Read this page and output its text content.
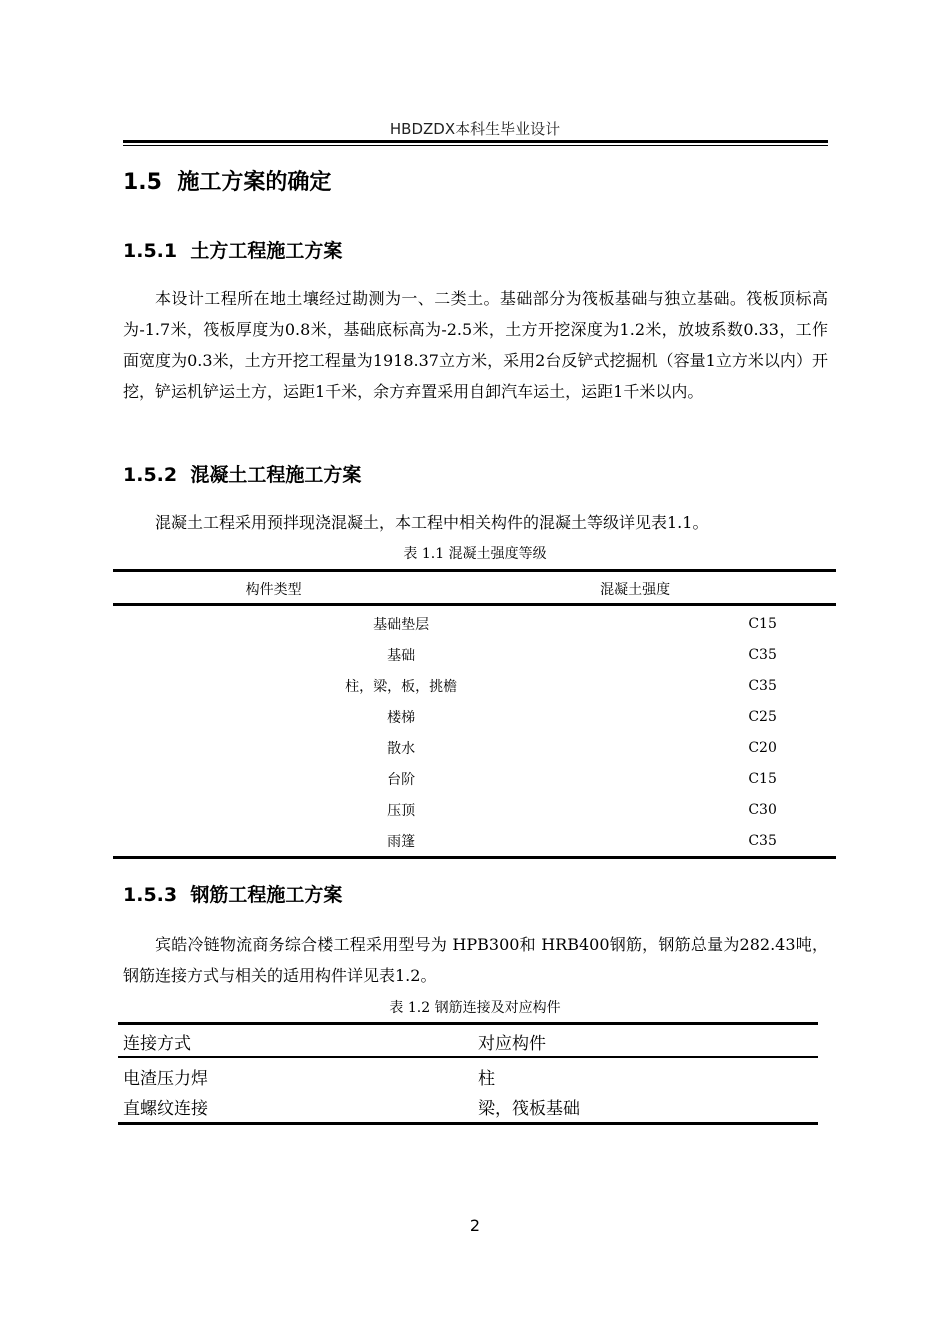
HBDZDX本科生毕业设计
1.5 施工方案的确定
1.5.1 土方工程施工方案
本设计工程所在地土壤经过勘测为一、二类土。基础部分为筏板基础与独立基础。筏板顶标高为-1.7米，筏板厚度为0.8米，基础底标高为-2.5米，土方开挖深度为1.2米，放坡系数0.33，工作面宽度为0.3米，土方开挖工程量为1918.37立方米，采用2台反铲式挖掘机（容量1立方米以内）开挖，铲运机铲运土方，运距1千米，余方弃置采用自卸汽车运土，运距1千米以内。
1.5.2 混凝土工程施工方案
混凝土工程采用预拌现浇混凝土，本工程中相关构件的混凝土等级详见表1.1。
表 1.1 混凝土强度等级
构件类型	混凝土强度
基础垫层	C15
基础	C35
柱，梁，板，挑檐	C35
楼梯	C25
散水	C20
台阶	C15
压顶	C30
雨篷	C35
1.5.3 钢筋工程施工方案
宾皓冷链物流商务综合楼工程采用型号为 HPB300和 HRB400钢筋，钢筋总量为282.43吨，钢筋连接方式与相关的适用构件详见表1.2。
表 1.2 钢筋连接及对应构件
连接方式	对应构件
电渣压力焊	柱
直螺纹连接	梁，筏板基础
2
